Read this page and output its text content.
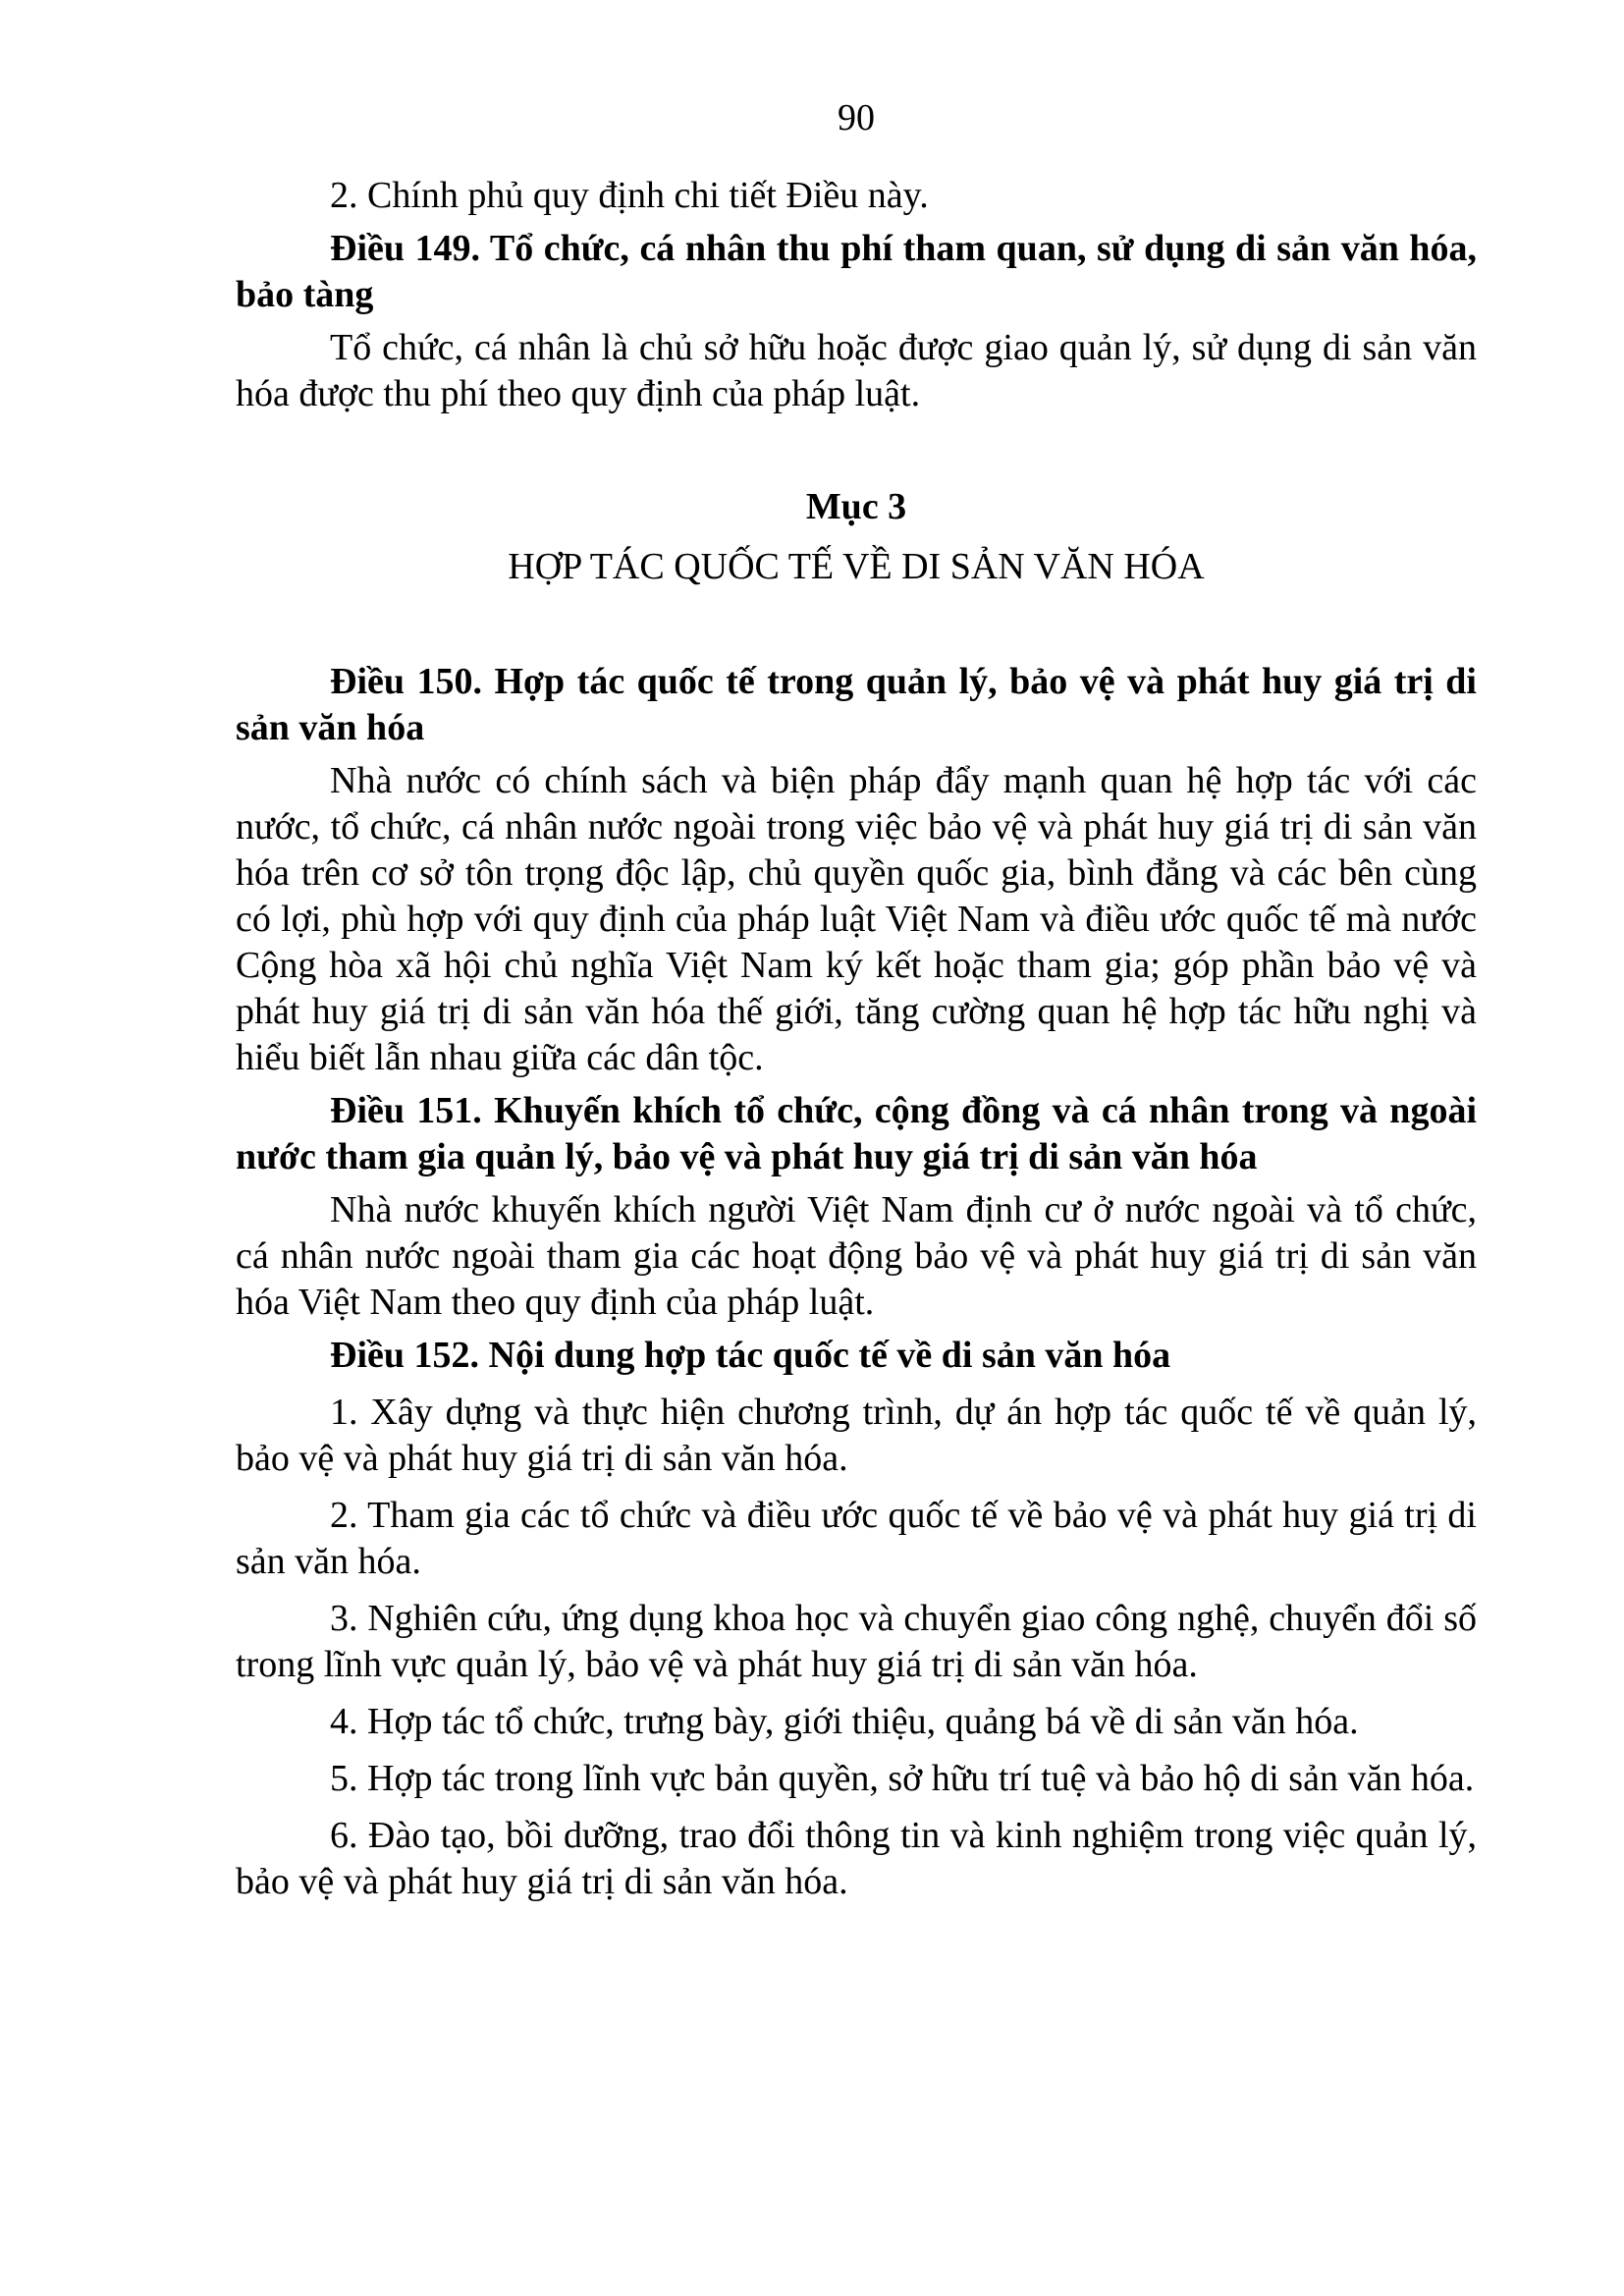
90

2. Chính phủ quy định chi tiết Điều này.

Điều 149. Tổ chức, cá nhân thu phí tham quan, sử dụng di sản văn hóa, bảo tàng

Tổ chức, cá nhân là chủ sở hữu hoặc được giao quản lý, sử dụng di sản văn hóa được thu phí theo quy định của pháp luật.

Mục 3

HỢP TÁC QUỐC TẾ VỀ DI SẢN VĂN HÓA

Điều 150. Hợp tác quốc tế trong quản lý, bảo vệ và phát huy giá trị di sản văn hóa

Nhà nước có chính sách và biện pháp đẩy mạnh quan hệ hợp tác với các nước, tổ chức, cá nhân nước ngoài trong việc bảo vệ và phát huy giá trị di sản văn hóa trên cơ sở tôn trọng độc lập, chủ quyền quốc gia, bình đẳng và các bên cùng có lợi, phù hợp với quy định của pháp luật Việt Nam và điều ước quốc tế mà nước Cộng hòa xã hội chủ nghĩa Việt Nam ký kết hoặc tham gia; góp phần bảo vệ và phát huy giá trị di sản văn hóa thế giới, tăng cường quan hệ hợp tác hữu nghị và hiểu biết lẫn nhau giữa các dân tộc.

Điều 151. Khuyến khích tổ chức, cộng đồng và cá nhân trong và ngoài nước tham gia quản lý, bảo vệ và phát huy giá trị di sản văn hóa

Nhà nước khuyến khích người Việt Nam định cư ở nước ngoài và tổ chức, cá nhân nước ngoài tham gia các hoạt động bảo vệ và phát huy giá trị di sản văn hóa Việt Nam theo quy định của pháp luật.

Điều 152. Nội dung hợp tác quốc tế về di sản văn hóa

1. Xây dựng và thực hiện chương trình, dự án hợp tác quốc tế về quản lý, bảo vệ và phát huy giá trị di sản văn hóa.

2. Tham gia các tổ chức và điều ước quốc tế về bảo vệ và phát huy giá trị di sản văn hóa.

3. Nghiên cứu, ứng dụng khoa học và chuyển giao công nghệ, chuyển đổi số trong lĩnh vực quản lý, bảo vệ và phát huy giá trị di sản văn hóa.

4. Hợp tác tổ chức, trưng bày, giới thiệu, quảng bá về di sản văn hóa.

5. Hợp tác trong lĩnh vực bản quyền, sở hữu trí tuệ và bảo hộ di sản văn hóa.

6. Đào tạo, bồi dưỡng, trao đổi thông tin và kinh nghiệm trong việc quản lý, bảo vệ và phát huy giá trị di sản văn hóa.
